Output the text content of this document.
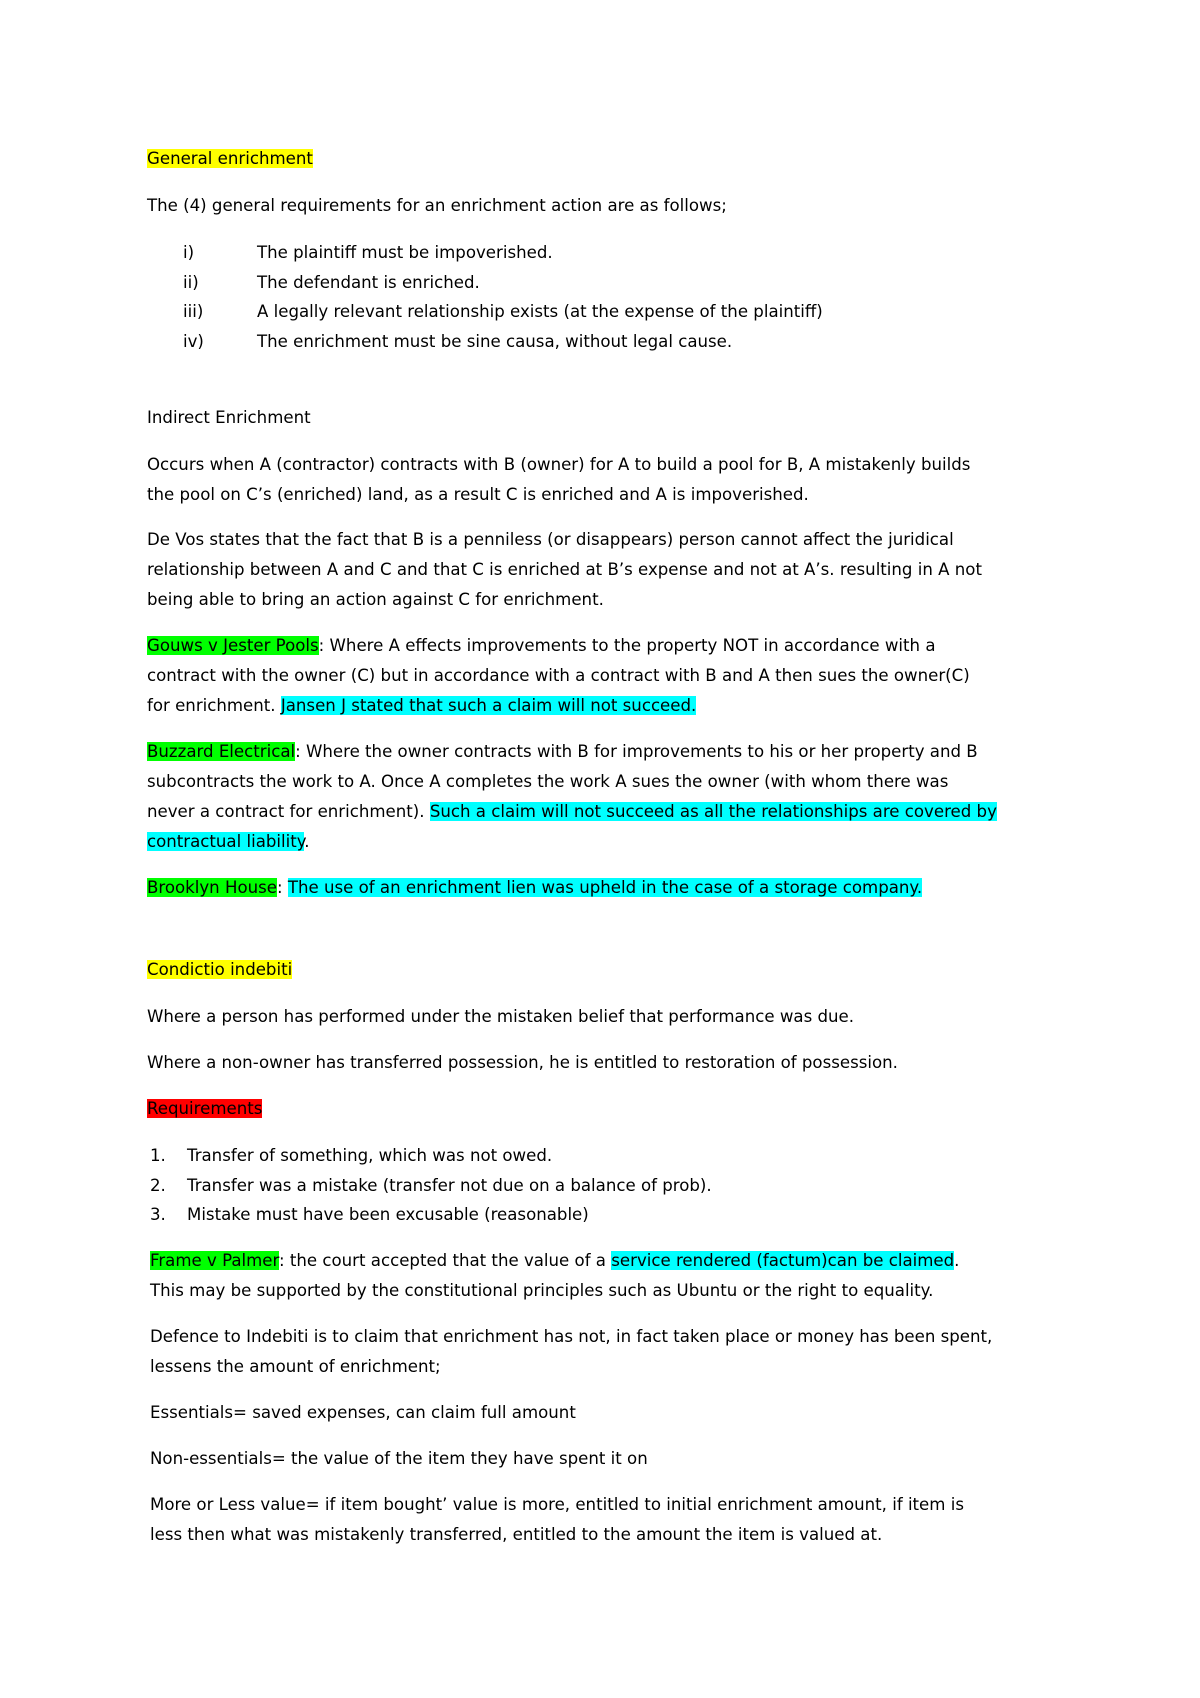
General enrichment
The (4) general requirements for an enrichment action are as follows;
i)	The plaintiff must be impoverished.
ii)	The defendant is enriched.
iii)	A legally relevant relationship exists (at the expense of the plaintiff)
iv)	The enrichment must be sine causa, without legal cause.
Indirect Enrichment
Occurs when A (contractor) contracts with B (owner) for A to build a pool for B, A mistakenly builds
the pool on C’s (enriched) land, as a result C is enriched and A is impoverished.
De Vos states that the fact that B is a penniless (or disappears) person cannot affect the juridical
relationship between A and C and that C is enriched at B’s expense and not at A’s. resulting in A not
being able to bring an action against C for enrichment.
Gouws v Jester Pools: Where A effects improvements to the property NOT in accordance with a
contract with the owner (C) but in accordance with a contract with B and A then sues the owner(C)
for enrichment. Jansen J stated that such a claim will not succeed.
Buzzard Electrical: Where the owner contracts with B for improvements to his or her property and B
subcontracts the work to A. Once A completes the work A sues the owner (with whom there was
never a contract for enrichment). Such a claim will not succeed as all the relationships are covered by
contractual liability.
Brooklyn House: The use of an enrichment lien was upheld in the case of a storage company.
Condictio indebiti
Where a person has performed under the mistaken belief that performance was due.
Where a non-owner has transferred possession, he is entitled to restoration of possession.
Requirements
1. Transfer of something, which was not owed.
2. Transfer was a mistake (transfer not due on a balance of prob).
3. Mistake must have been excusable (reasonable)
Frame v Palmer: the court accepted that the value of a service rendered (factum)can be claimed.
This may be supported by the constitutional principles such as Ubuntu or the right to equality.
Defence to Indebiti is to claim that enrichment has not, in fact taken place or money has been spent,
lessens the amount of enrichment;
Essentials= saved expenses, can claim full amount
Non-essentials= the value of the item they have spent it on
More or Less value= if item bought’ value is more, entitled to initial enrichment amount, if item is
less then what was mistakenly transferred, entitled to the amount the item is valued at.
